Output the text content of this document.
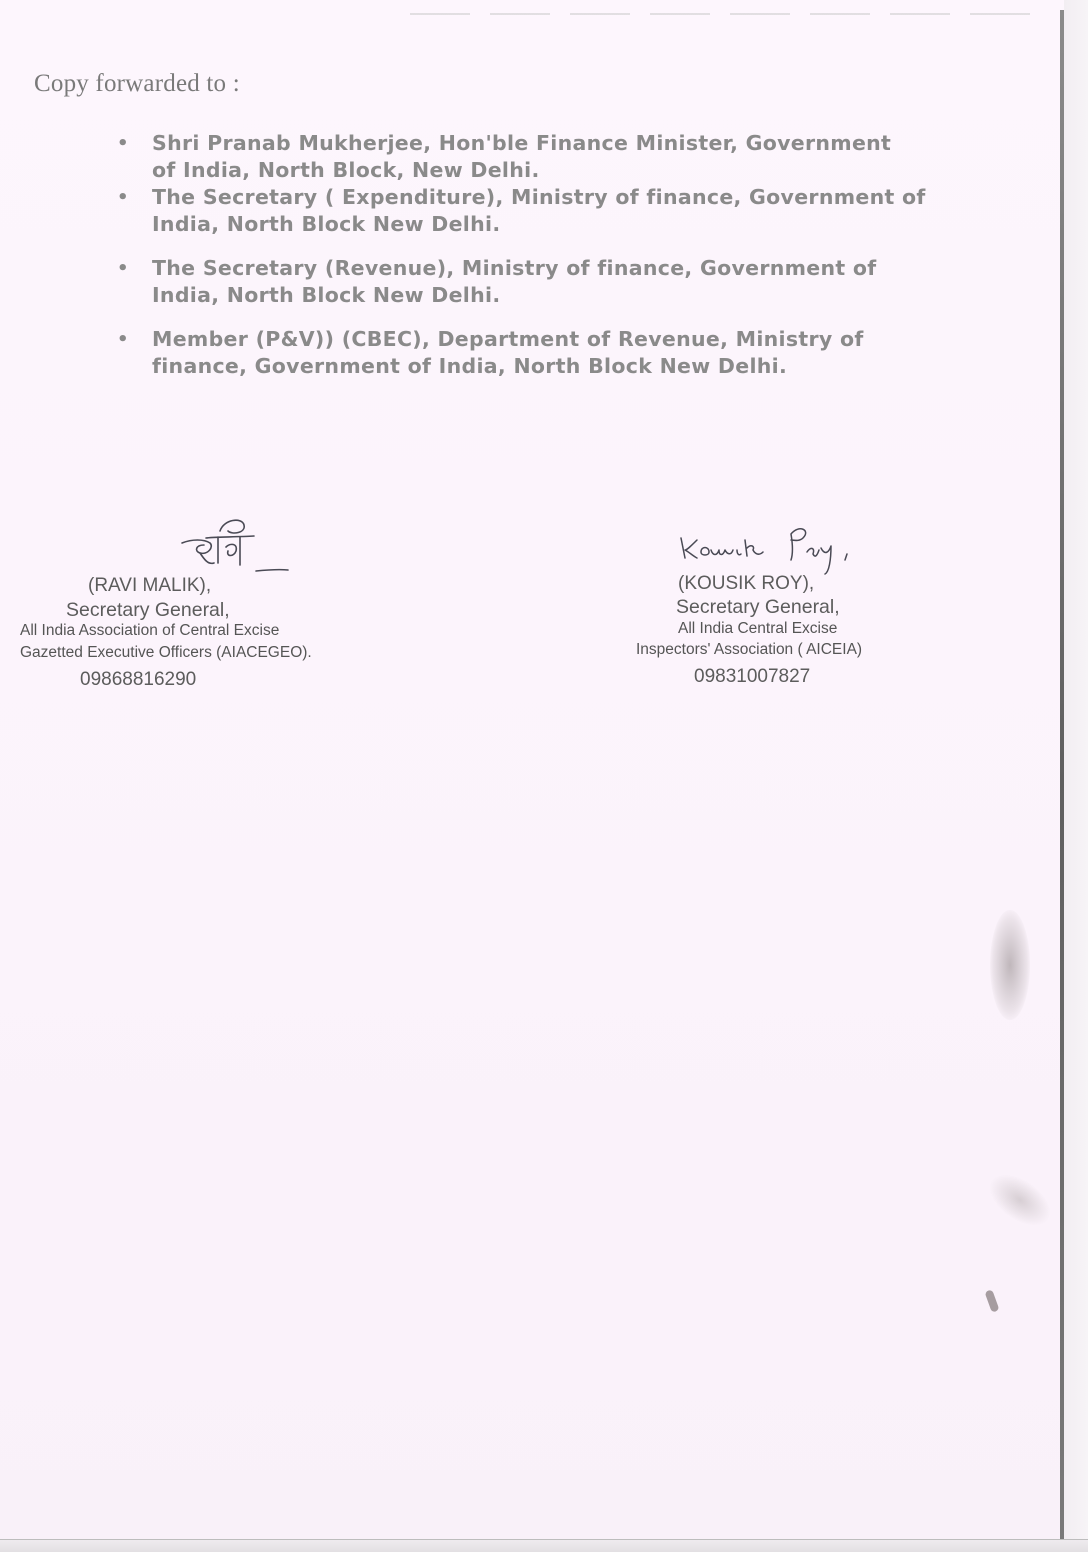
Copy forwarded to :
• Shri Pranab Mukherjee, Hon'ble Finance Minister, Government
of India, North Block, New Delhi.
• The Secretary ( Expenditure), Ministry of finance, Government of
India, North Block New Delhi.
• The Secretary (Revenue), Ministry of finance, Government of
India, North Block New Delhi.
• Member (P&V)) (CBEC), Department of Revenue, Ministry of
finance, Government of India, North Block New Delhi.
(RAVI MALIK),
Secretary General,
All India Association of Central Excise
Gazetted Executive Officers (AIACEGEO).
09868816290
(KOUSIK ROY),
Secretary General,
All India Central Excise
Inspectors' Association ( AICEIA)
09831007827
